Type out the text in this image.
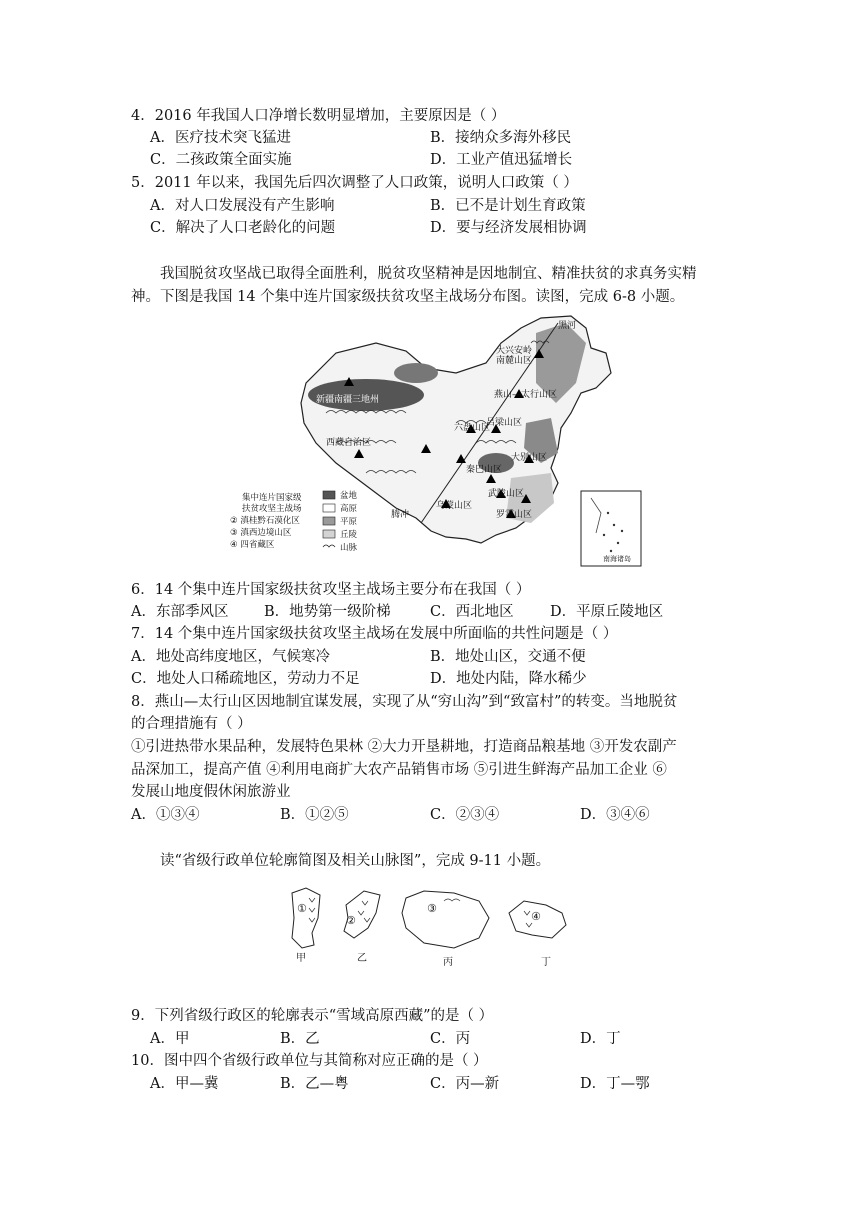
4．2016 年我国人口净增长数明显增加，主要原因是（ ）
A．医疗技术突飞猛进	B．接纳众多海外移民
C．二孩政策全面实施	D．工业产值迅猛增长
5．2011 年以来，我国先后四次调整了人口政策，说明人口政策（ ）
A．对人口发展没有产生影响	B．已不是计划生育政策
C．解决了人口老龄化的问题	D．要与经济发展相协调
我国脱贫攻坚战已取得全面胜利，脱贫攻坚精神是因地制宜、精准扶贫的求真务实精
神。下图是我国 14 个集中连片国家级扶贫攻坚主战场分布图。读图，完成 6-8 小题。
黑河
大兴安岭
南麓山区
新疆南疆三地州	燕山—太行山区
六盘山区
吕梁山区
西藏自治区
秦巴山区
大别山区
武陵山区
乌蒙山区
罗霄山区
腾冲
南海诸岛
集中连片国家级
扶贫攻坚主战场
② 滇桂黔石漠化区
③ 滇西边境山区
④ 四省藏区
盆地
高原
平原
丘陵
山脉
6．14 个集中连片国家级扶贫攻坚主战场主要分布在我国（ ）
A．东部季风区 B．地势第一级阶梯	C．西北地区	D．平原丘陵地区
7．14 个集中连片国家级扶贫攻坚主战场在发展中所面临的共性问题是（ ）
A．地处高纬度地区，气候寒冷	B．地处山区，交通不便
C．地处人口稀疏地区，劳动力不足	D．地处内陆，降水稀少
8．燕山—太行山区因地制宜谋发展，实现了从“穷山沟”到“致富村”的转变。当地脱贫
的合理措施有（ ）
①引进热带水果品种，发展特色果林 ②大力开垦耕地，打造商品粮基地 ③开发农副产
品深加工，提高产值 ④利用电商扩大农产品销售市场 ⑤引进生鲜海产品加工企业 ⑥
发展山地度假休闲旅游业
A．①③④	B．①②⑤	C．②③④	D．③④⑥
读“省级行政单位轮廓简图及相关山脉图”，完成 9-11 小题。
①
②
③
④
甲	乙	丙	丁
9．下列省级行政区的轮廓表示“雪域高原西藏”的是（ ）
A．甲	B．乙	C．丙	D．丁
10．图中四个省级行政单位与其简称对应正确的是（ ）
A．甲—冀	B．乙—粤	C．丙—新	D．丁—鄂
